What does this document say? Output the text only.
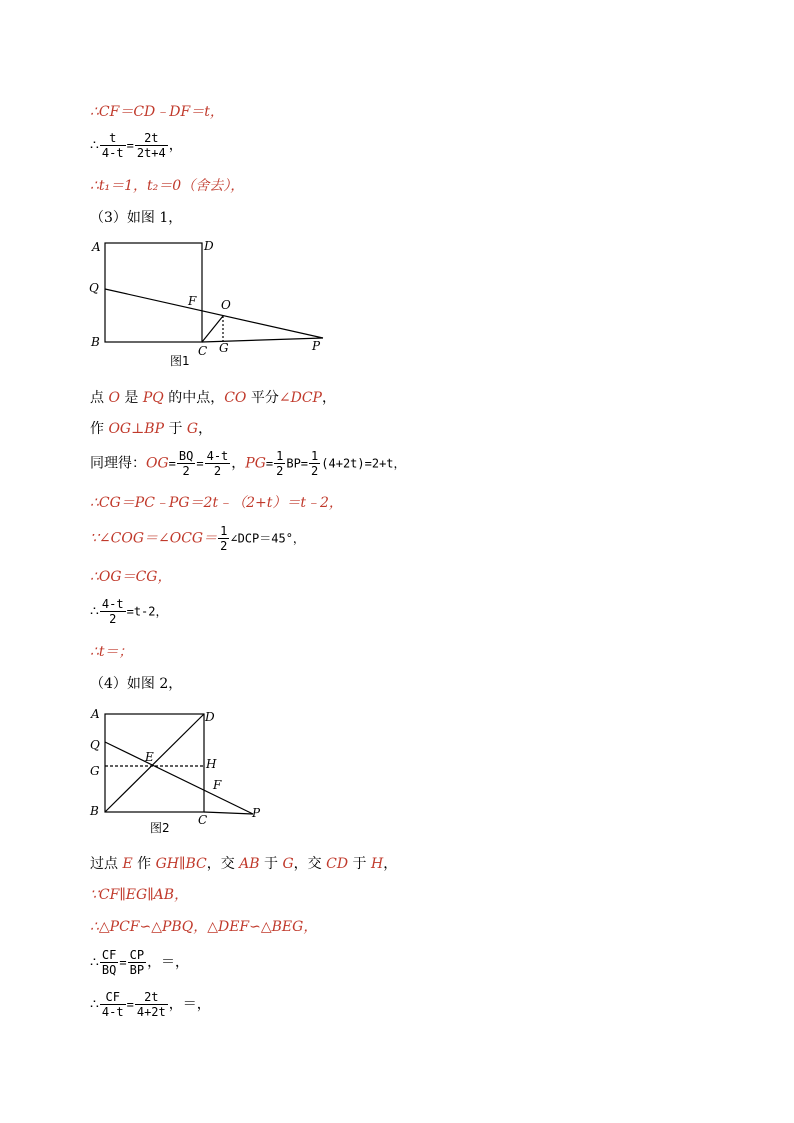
∴CF＝CD﹣DF＝t，
∴ $\frac{t}{4-t} = \frac{2t}{2t+4}$ ，
∴t₁＝1，t₂＝0（舍去），
（3）如图 1，
A	D
Q
F O
B
C G	P
图1
点 O 是 PQ 的中点，CO 平分∠DCP，
作 OG⊥BP 于 G，
同理得：$OG= \frac{BQ}{2} = \frac{4-t}{2}$ ，$PG= \frac{1}{2} BP= \frac{1}{2} (4+2t)=2+t$，
∴CG＝PC﹣PG＝2t﹣（2+t）＝t﹣2，
∵∠COG＝∠OCG＝ $\frac{1}{2}$ ∠DCP＝45°，
∴OG＝CG，
∴ $\frac{4-t}{2} =t-2$，
∴t＝；
（4）如图 2，
A	D
Q
E
G	H
F
B
C	P
图2
过点 E 作 GH∥BC，交 AB 于 G，交 CD 于 H，
∵CF∥EG∥AB，
∴△PCF∽△PBQ，△DEF∽△BEG，
∴ $\frac{CF}{BQ} = \frac{CP}{BP}$ ，＝，
∴ $\frac{CF}{4-t} = \frac{2t}{4+2t}$ ，＝，
